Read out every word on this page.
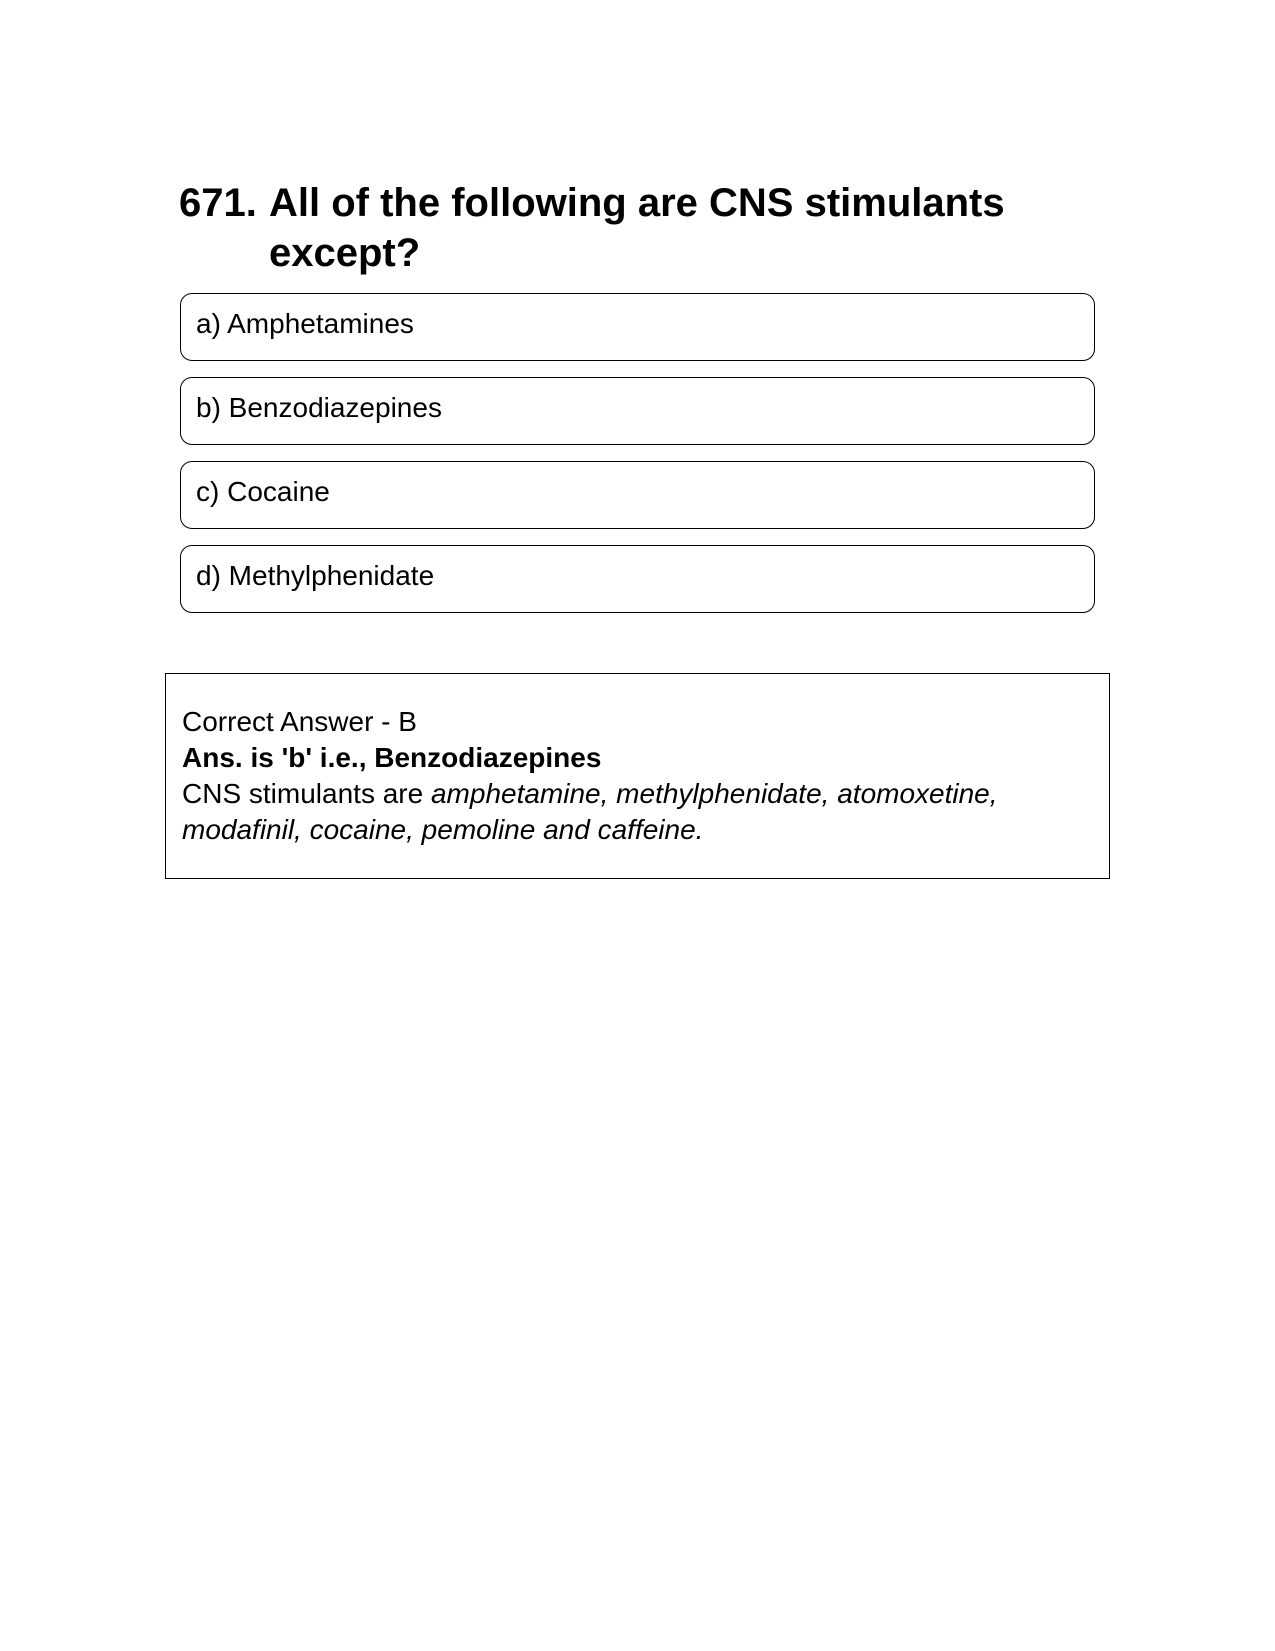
671. All of the following are CNS stimulants except?
a) Amphetamines
b) Benzodiazepines
c) Cocaine
d) Methylphenidate
Correct Answer - B
Ans. is 'b' i.e., Benzodiazepines
CNS stimulants are amphetamine, methylphenidate, atomoxetine, modafinil, cocaine, pemoline and caffeine.
